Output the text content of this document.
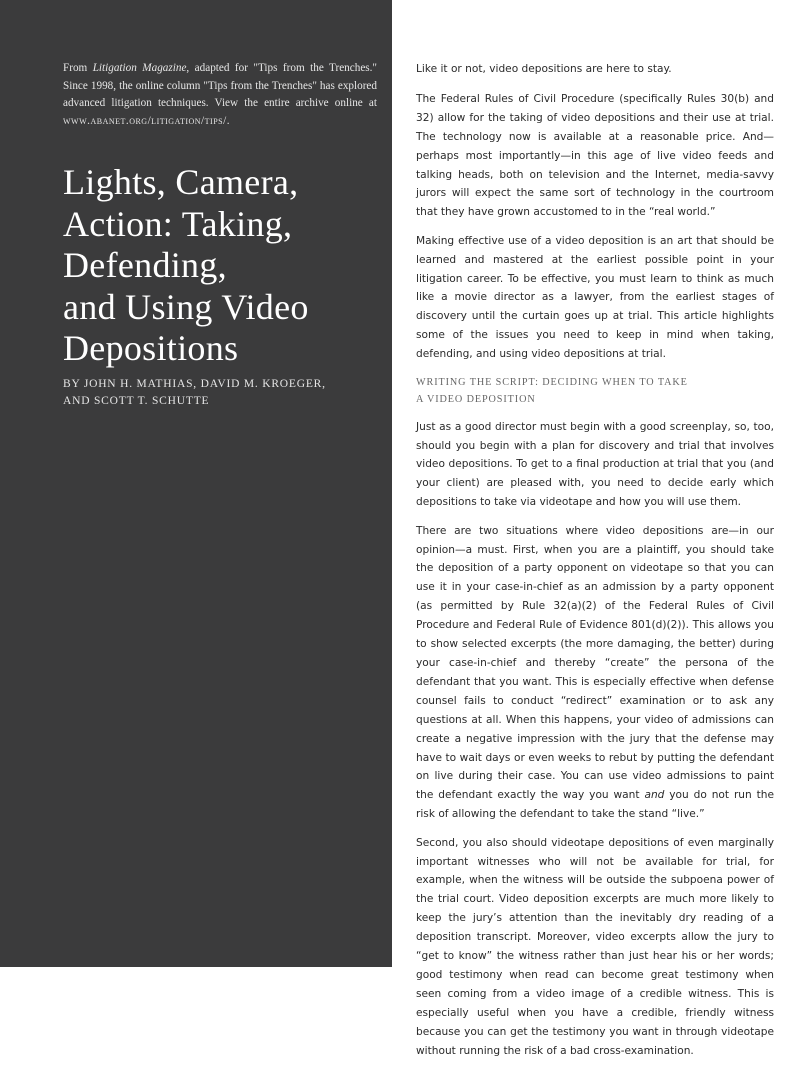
From Litigation Magazine, adapted for "Tips from the Trenches." Since 1998, the online column "Tips from the Trenches" has explored advanced litigation techniques. View the entire archive online at www.abanet.org/litigation/tips/.
Lights, Camera,
Action: Taking,
Defending,
and Using Video
Depositions
BY JOHN H. MATHIAS, DAVID M. KROEGER,
AND SCOTT T. SCHUTTE

Like it or not, video depositions are here to stay.

The Federal Rules of Civil Procedure (specifically Rules 30(b) and 32) allow for the taking of video depositions and their use at trial. The technology now is available at a reasonable price. And—perhaps most importantly—in this age of live video feeds and talking heads, both on television and the Internet, media-savvy jurors will expect the same sort of technology in the courtroom that they have grown accustomed to in the “real world.”

Making effective use of a video deposition is an art that should be learned and mastered at the earliest possible point in your litigation career. To be effective, you must learn to think as much like a movie director as a lawyer, from the earliest stages of discovery until the curtain goes up at trial. This article highlights some of the issues you need to keep in mind when taking, defending, and using video depositions at trial.

WRITING THE SCRIPT: DECIDING WHEN TO TAKE
A VIDEO DEPOSITION

Just as a good director must begin with a good screenplay, so, too, should you begin with a plan for discovery and trial that involves video depositions. To get to a final production at trial that you (and your client) are pleased with, you need to decide early which depositions to take via videotape and how you will use them.

There are two situations where video depositions are—in our opinion—a must. First, when you are a plaintiff, you should take the deposition of a party opponent on videotape so that you can use it in your case-in-chief as an admission by a party opponent (as permitted by Rule 32(a)(2) of the Federal Rules of Civil Procedure and Federal Rule of Evidence 801(d)(2)). This allows you to show selected excerpts (the more damaging, the better) during your case-in-chief and thereby “create” the persona of the defendant that you want. This is especially effective when defense counsel fails to conduct “redirect” examination or to ask any questions at all. When this happens, your video of admissions can create a negative impression with the jury that the defense may have to wait days or even weeks to rebut by putting the defendant on live during their case. You can use video admissions to paint the defendant exactly the way you want and you do not run the risk of allowing the defendant to take the stand “live.”

Second, you also should videotape depositions of even marginally important witnesses who will not be available for trial, for example, when the witness will be outside the subpoena power of the trial court. Video deposition excerpts are much more likely to keep the jury’s attention than the inevitably dry reading of a deposition transcript. Moreover, video excerpts allow the jury to “get to know” the witness rather than just hear his or her words; good testimony when read can become great testimony when seen coming from a video image of a credible witness. This is especially useful when you have a credible, friendly witness because you can get the testimony you want in through videotape without running the risk of a bad cross-examination.
